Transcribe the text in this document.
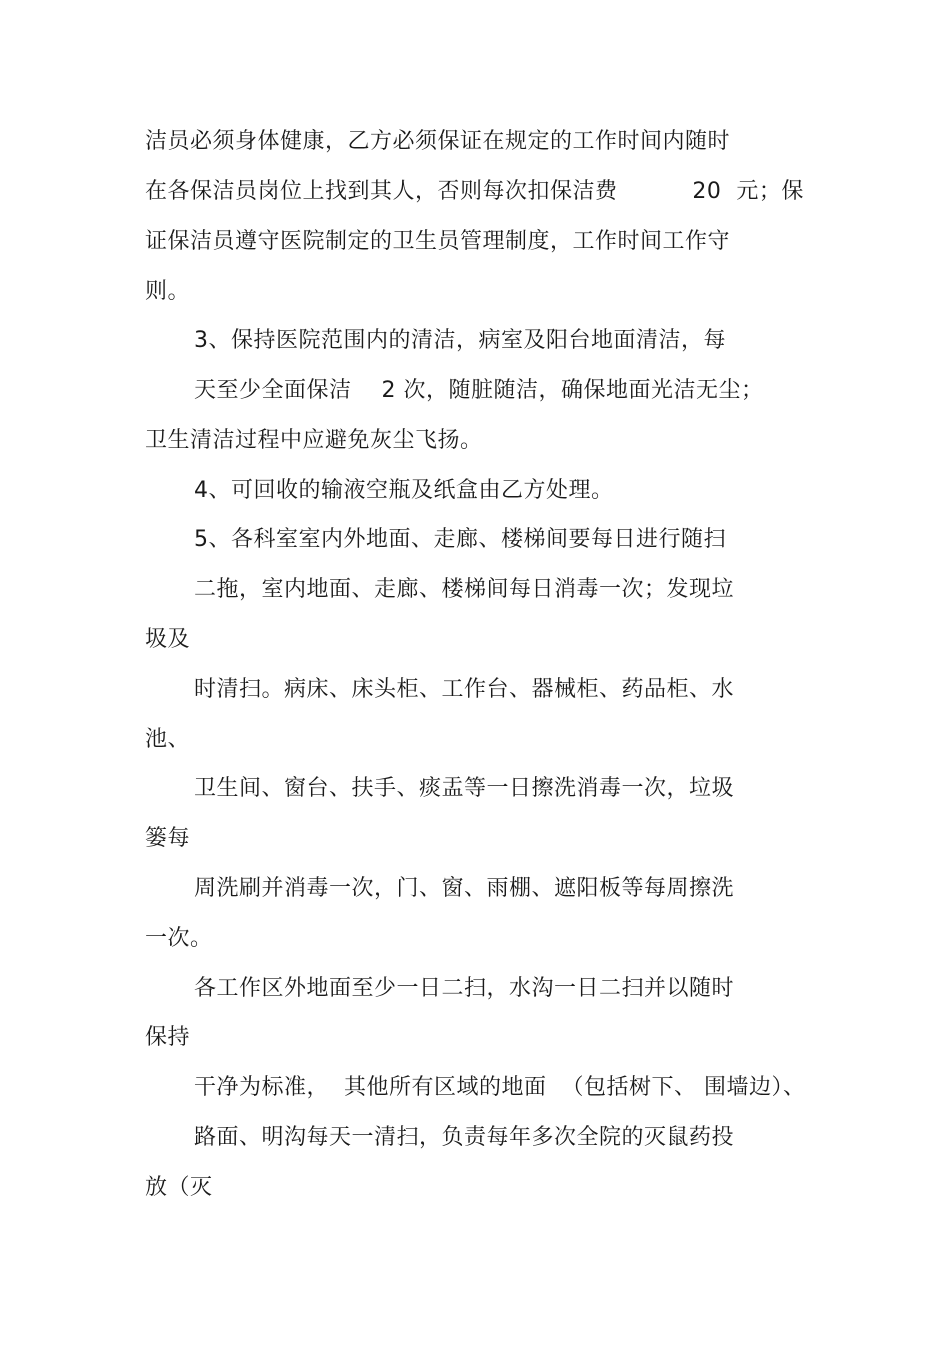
洁员必须身体健康，乙方必须保证在规定的工作时间内随时
在各保洁员岗位上找到其人，否则每次扣保洁费          20  元；保
证保洁员遵守医院制定的卫生员管理制度，工作时间工作守
则。
3、保持医院范围内的清洁，病室及阳台地面清洁，每
天至少全面保洁    2 次，随脏随洁，确保地面光洁无尘；
卫生清洁过程中应避免灰尘飞扬。
4、可回收的输液空瓶及纸盒由乙方处理。
5、各科室室内外地面、走廊、楼梯间要每日进行随扫
二拖，室内地面、走廊、楼梯间每日消毒一次；发现垃
圾及
时清扫。病床、床头柜、工作台、器械柜、药品柜、水
池、
卫生间、窗台、扶手、痰盂等一日擦洗消毒一次，垃圾
篓每
周洗刷并消毒一次，门、窗、雨棚、遮阳板等每周擦洗
一次。
各工作区外地面至少一日二扫，水沟一日二扫并以随时
保持
干净为标准，  其他所有区域的地面  （包括树下、 围墙边）、
路面、明沟每天一清扫，负责每年多次全院的灭鼠药投
放（灭
